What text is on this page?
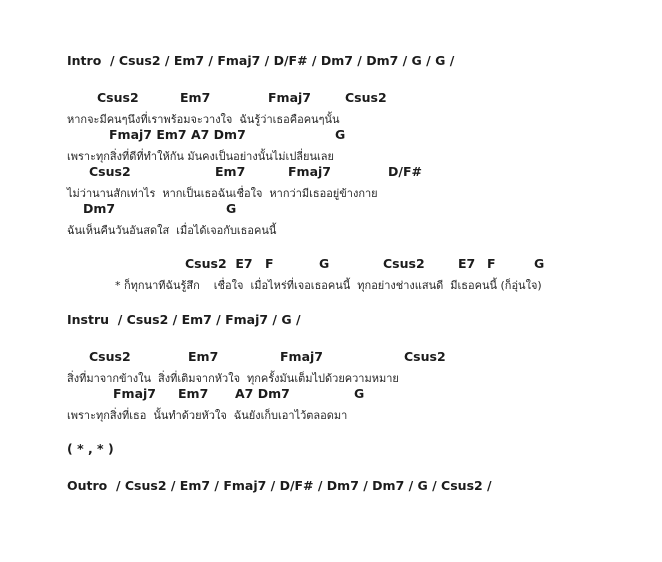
Intro  / Csus2 / Em7 / Fmaj7 / D/F# / Dm7 / Dm7 / G / G /
Csus2	Em7	Fmaj7	Csus2
หากจะมีคนๆนึงที่เราพร้อมจะวางใจ  ฉันรู้ว่าเธอคือคนๆนั้น
Fmaj7 Em7 A7 Dm7	G
เพราะทุกสิ่งที่ดีที่ทำให้กัน มันคงเป็นอย่างนั้นไม่เปลี่ยนเลย
Csus2	Em7	Fmaj7	D/F#
ไม่ว่านานสักเท่าไร  หากเป็นเธอฉันเชื่อใจ  หากว่ามีเธออยู่ข้างกาย
Dm7	G
ฉันเห็นคืนวันอันสดใส  เมื่อได้เจอกับเธอคนนี้
Csus2  E7 F	G	Csus2	E7 F	G
* ก็ทุกนาทีฉันรู้สึก    เชื่อใจ  เมื่อไหร่ที่เจอเธอคนนี้  ทุกอย่างช่างแสนดี  มีเธอคนนี้ (ก็อุ่นใจ)
Instru  / Csus2 / Em7 / Fmaj7 / G /
Csus2	Em7	Fmaj7	Csus2
สิ่งที่มาจากข้างใน  สิ่งที่เติมจากหัวใจ  ทุกครั้งมันเต็มไปด้วยความหมาย
Fmaj7 Em7 A7 Dm7	G
เพราะทุกสิ่งที่เธอ  นั้นทำด้วยหัวใจ  ฉันยังเก็บเอาไว้ตลอดมา
( * , * )
Outro  / Csus2 / Em7 / Fmaj7 / D/F# / Dm7 / Dm7 / G / Csus2 /
